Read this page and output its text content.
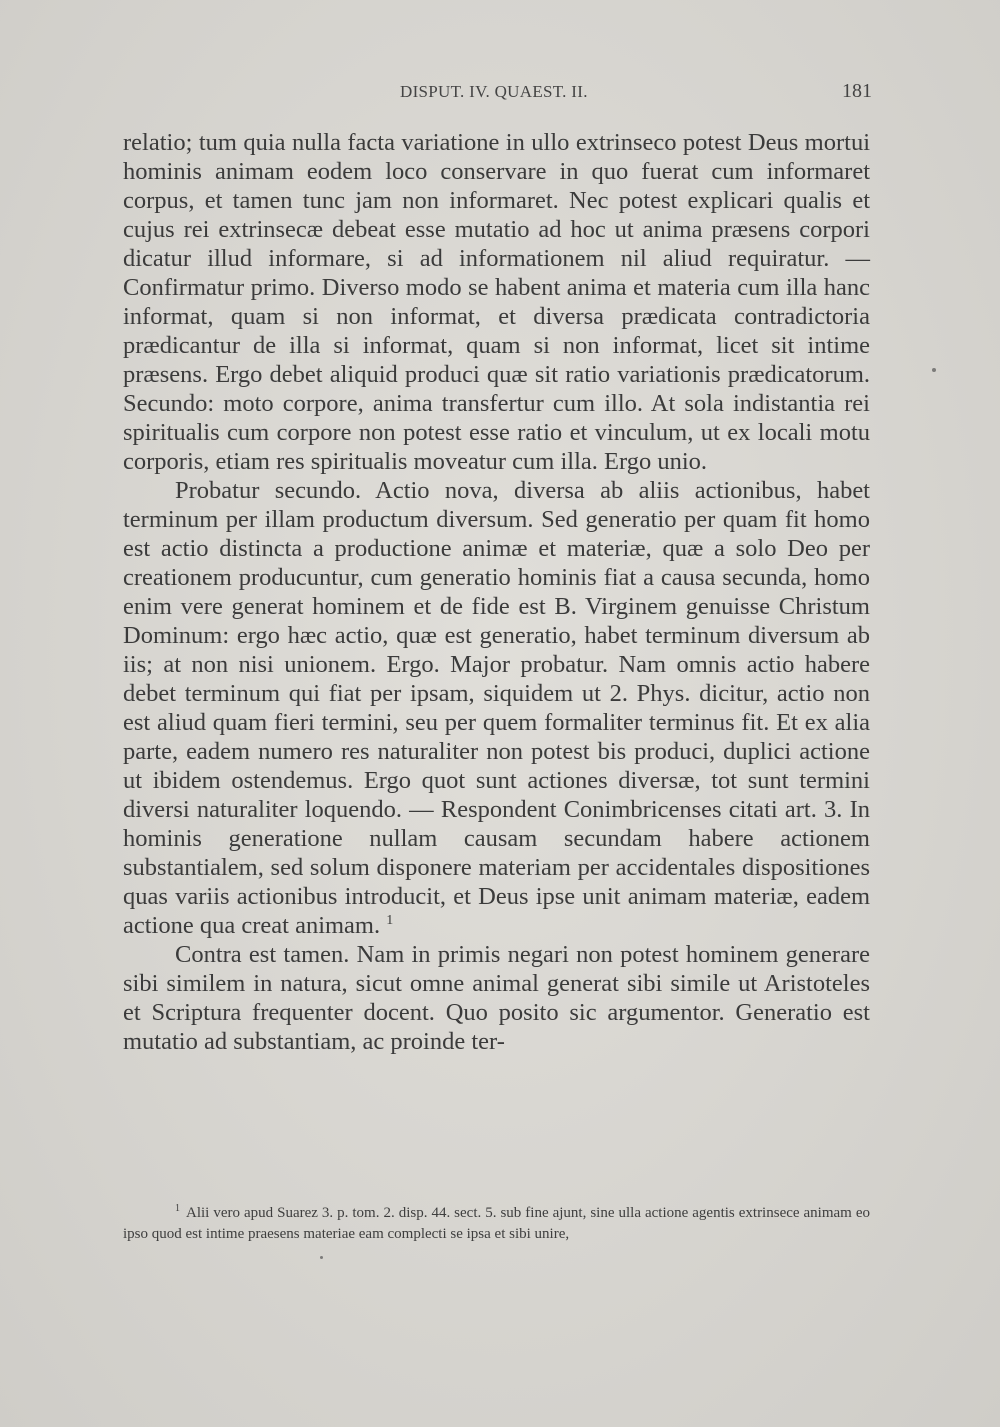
DISPUT. IV. QUAEST. II.	181

relatio; tum quia nulla facta variatione in ullo extrinseco potest Deus mortui hominis animam eodem loco conservare in quo fuerat cum informaret corpus, et tamen tunc jam non informaret. Nec potest explicari qualis et cujus rei extrinsecæ debeat esse mutatio ad hoc ut anima præsens corpori dicatur illud informare, si ad informationem nil aliud requiratur. — Confirmatur primo. Diverso modo se habent anima et materia cum illa hanc informat, quam si non informat, et diversa prædicata contradictoria prædicantur de illa si informat, quam si non informat, licet sit intime præsens. Ergo debet aliquid produci quæ sit ratio variationis prædicatorum. Secundo: moto corpore, anima transfertur cum illo. At sola indistantia rei spiritualis cum corpore non potest esse ratio et vinculum, ut ex locali motu corporis, etiam res spiritualis moveatur cum illa. Ergo unio.

Probatur secundo. Actio nova, diversa ab aliis actionibus, habet terminum per illam productum diversum. Sed generatio per quam fit homo est actio distincta a productione animæ et materiæ, quæ a solo Deo per creationem producuntur, cum generatio hominis fiat a causa secunda, homo enim vere generat hominem et de fide est B. Virginem genuisse Christum Dominum: ergo hæc actio, quæ est generatio, habet terminum diversum ab iis; at non nisi unionem. Ergo. Major probatur. Nam omnis actio habere debet terminum qui fiat per ipsam, siquidem ut 2. Phys. dicitur, actio non est aliud quam fieri termini, seu per quem formaliter terminus fit. Et ex alia parte, eadem numero res naturaliter non potest bis produci, duplici actione ut ibidem ostendemus. Ergo quot sunt actiones diversæ, tot sunt termini diversi naturaliter loquendo. — Respondent Conimbricenses citati art. 3. In hominis generatione nullam causam secundam habere actionem substantialem, sed solum disponere materiam per accidentales dispositiones quas variis actionibus introducit, et Deus ipse unit animam materiæ, eadem actione qua creat animam. $^1$

Contra est tamen. Nam in primis negari non potest hominem generare sibi similem in natura, sicut omne animal generat sibi simile ut Aristoteles et Scriptura frequenter docent. Quo posito sic argumentor. Generatio est mutatio ad substantiam, ac proinde ter-

$^1$ Alii vero apud Suarez 3. p. tom. 2. disp. 44. sect. 5. sub fine ajunt, sine ulla actione agentis extrinsece animam eo ipso quod est intime praesens materiae eam complecti se ipsa et sibi unire,
